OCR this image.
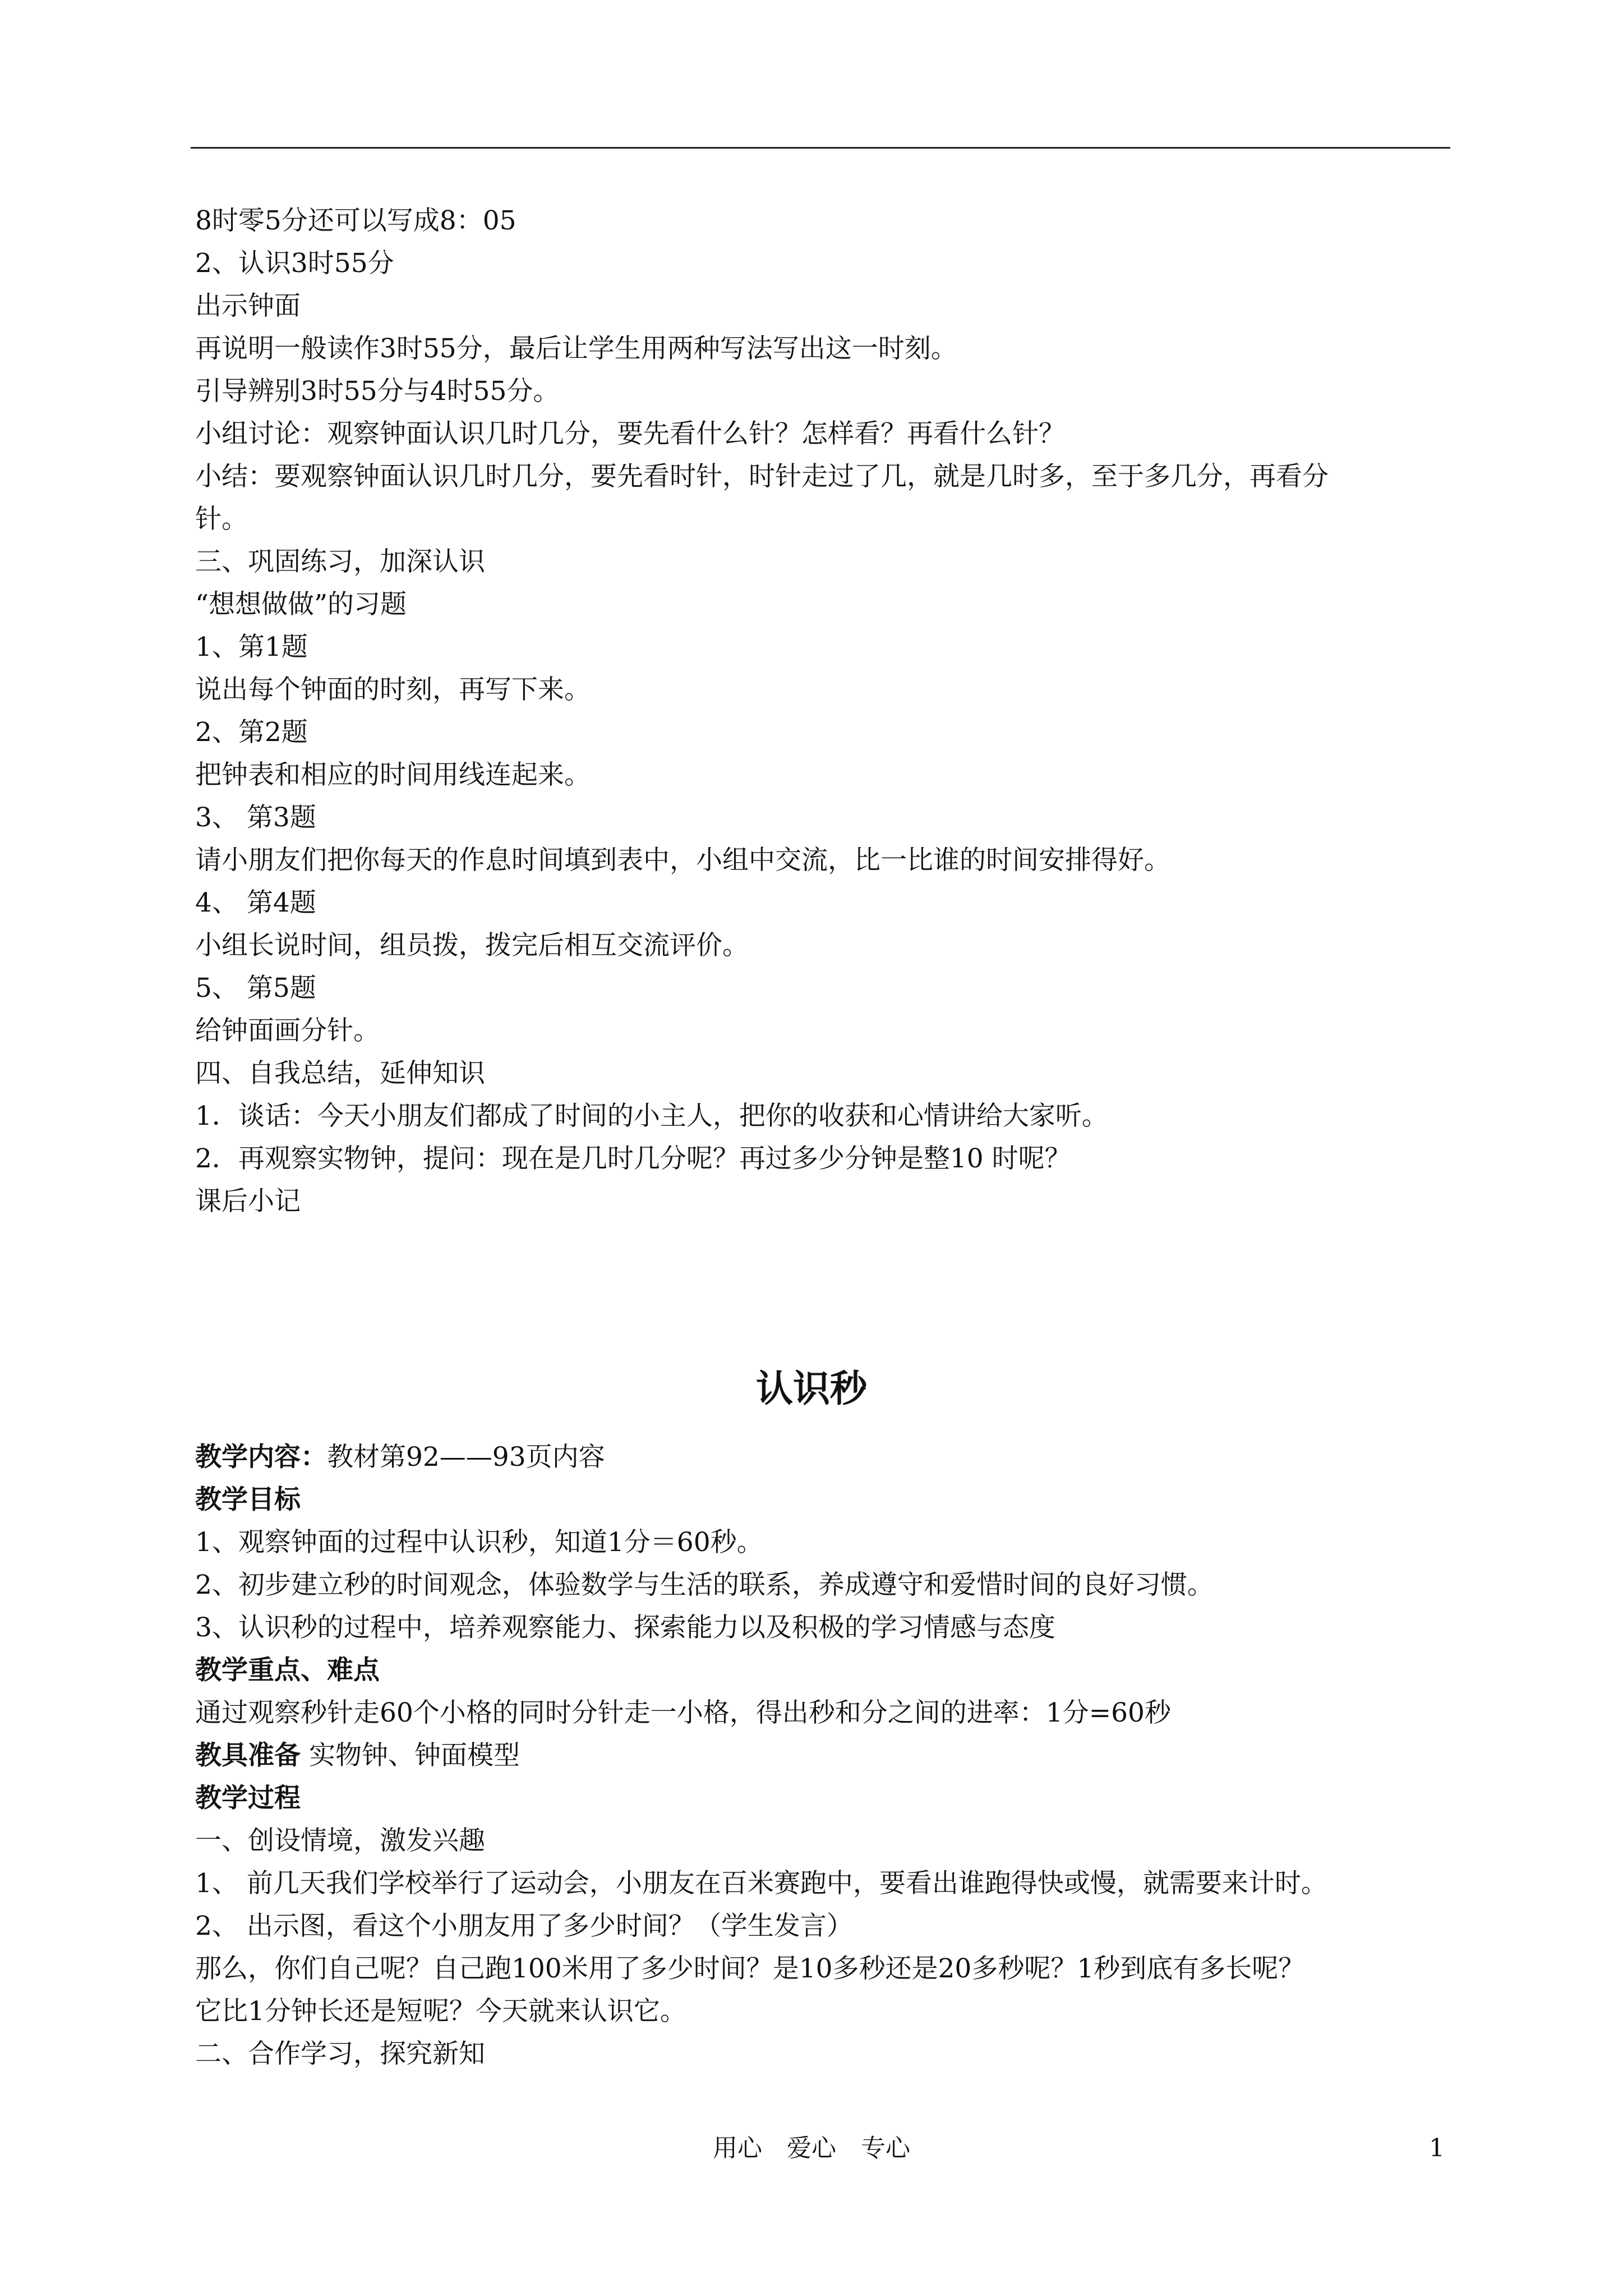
8时零5分还可以写成8：05
2、认识3时55分
出示钟面
再说明一般读作3时55分，最后让学生用两种写法写出这一时刻。
引导辨别3时55分与4时55分。
小组讨论：观察钟面认识几时几分，要先看什么针？怎样看？再看什么针？
小结：要观察钟面认识几时几分，要先看时针，时针走过了几，就是几时多，至于多几分，再看分
针。
三、巩固练习，加深认识
“想想做做”的习题
1、第1题
说出每个钟面的时刻，再写下来。
2、第2题
把钟表和相应的时间用线连起来。
3、 第3题
请小朋友们把你每天的作息时间填到表中，小组中交流，比一比谁的时间安排得好。
4、 第4题
小组长说时间，组员拨，拨完后相互交流评价。
5、 第5题
给钟面画分针。
四、自我总结，延伸知识
1．谈话：今天小朋友们都成了时间的小主人，把你的收获和心情讲给大家听。
2．再观察实物钟，提问：现在是几时几分呢？再过多少分钟是整10 时呢？
课后小记
认识秒
教学内容：教材第92——93页内容
教学目标
1、观察钟面的过程中认识秒，知道1分＝60秒。
2、初步建立秒的时间观念，体验数学与生活的联系，养成遵守和爱惜时间的良好习惯。
3、认识秒的过程中，培养观察能力、探索能力以及积极的学习情感与态度
教学重点、难点
通过观察秒针走60个小格的同时分针走一小格，得出秒和分之间的进率：1分=60秒
教具准备 实物钟、钟面模型
教学过程
一、创设情境，激发兴趣
1、 前几天我们学校举行了运动会，小朋友在百米赛跑中，要看出谁跑得快或慢，就需要来计时。
2、 出示图，看这个小朋友用了多少时间？（学生发言）
那么，你们自己呢？自己跑100米用了多少时间？是10多秒还是20多秒呢？1秒到底有多长呢？
它比1分钟长还是短呢？今天就来认识它。
二、合作学习，探究新知
用心 爱心 专心	1
